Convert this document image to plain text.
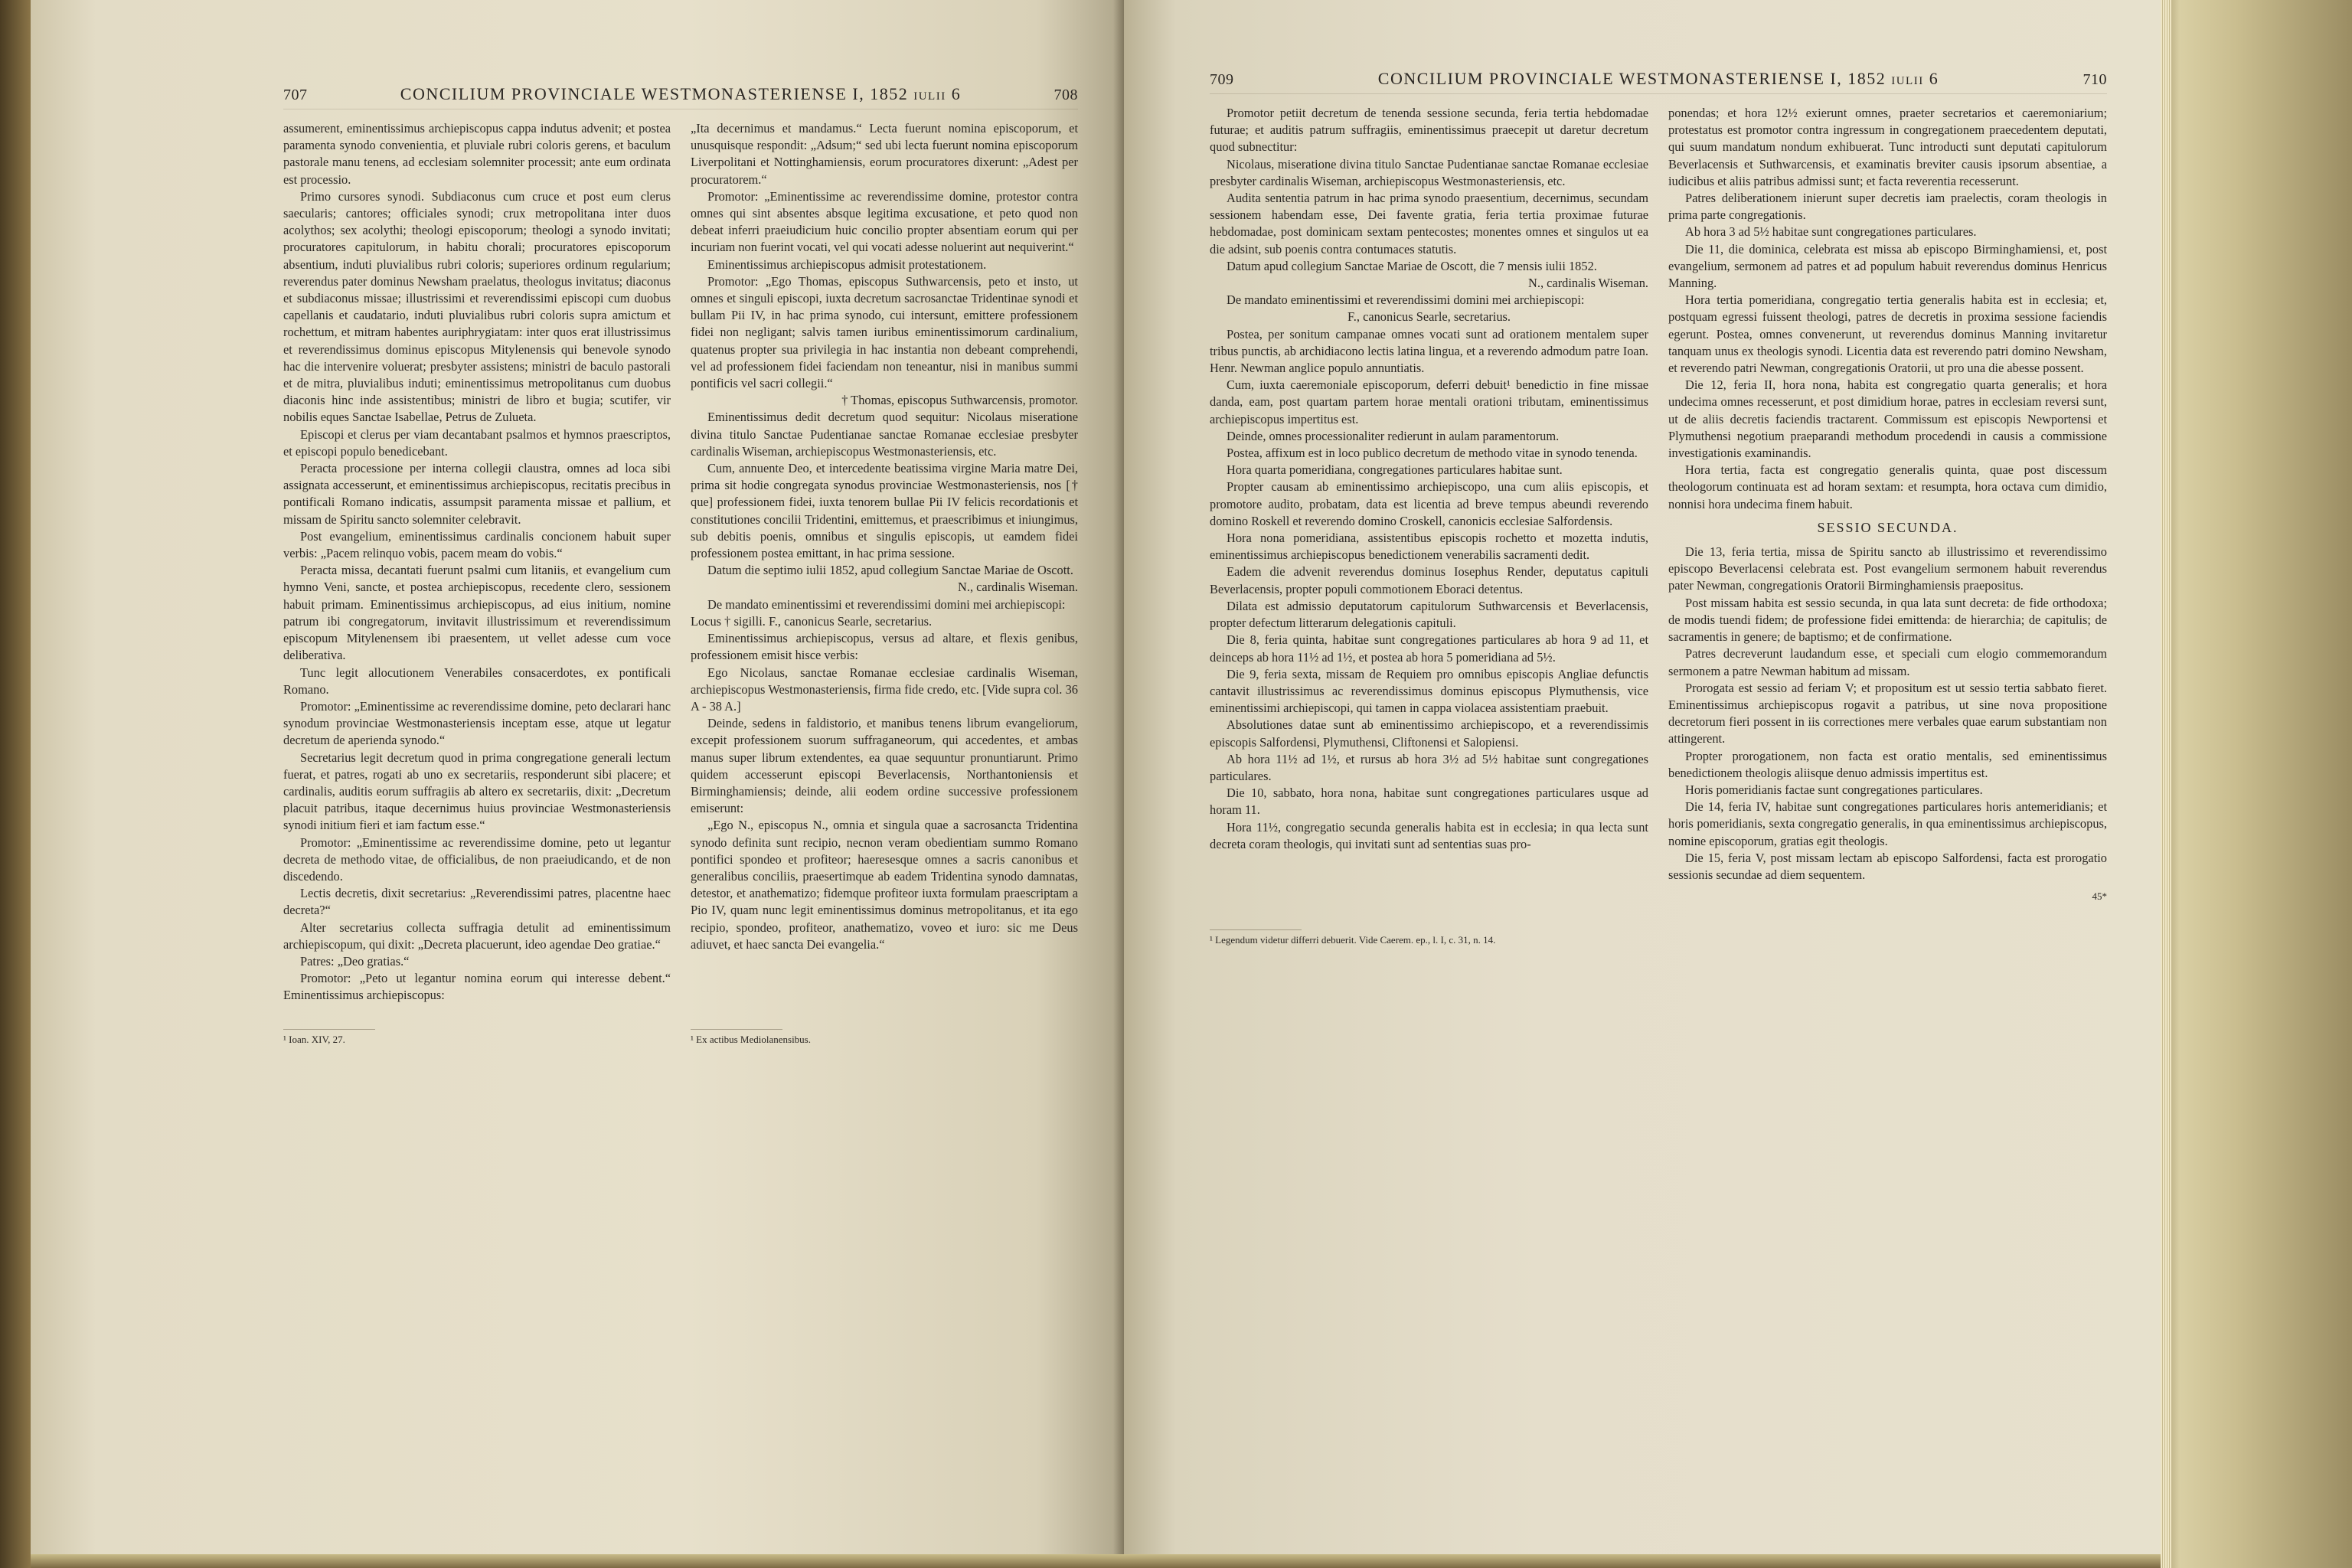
707	CONCILIUM PROVINCIALE WESTMONASTERIENSE I, 1852 iulii 6	708

assumerent, eminentissimus archiepiscopus cappa indutus advenit; et postea paramenta synodo convenientia, et pluviale rubri coloris gerens, et baculum pastorale manu tenens, ad ecclesiam solemniter processit; ante eum ordinata est processio.

Primo cursores synodi. Subdiaconus cum cruce et post eum clerus saecularis; cantores; officiales synodi; crux metropolitana inter duos acolythos; sex acolythi; theologi episcoporum; theologi a synodo invitati; procuratores capitulorum, in habitu chorali; procuratores episcoporum absentium, induti pluvialibus rubri coloris; superiores ordinum regularium; reverendus pater dominus Newsham praelatus, theologus invitatus; diaconus et subdiaconus missae; illustrissimi et reverendissimi episcopi cum duobus capellanis et caudatario, induti pluvialibus rubri coloris supra amictum et rochettum, et mitram habentes auriphrygiatam: inter quos erat illustrissimus et reverendissimus dominus episcopus Mitylenensis qui benevole synodo hac die intervenire voluerat; presbyter assistens; ministri de baculo pastorali et de mitra, pluvialibus induti; eminentissimus metropolitanus cum duobus diaconis hinc inde assistentibus; ministri de libro et bugia; scutifer, vir nobilis eques Sanctae Isabellae, Petrus de Zulueta.

Episcopi et clerus per viam decantabant psalmos et hymnos praescriptos, et episcopi populo benedicebant.

Peracta processione per interna collegii claustra, omnes ad loca sibi assignata accesserunt, et eminentissimus archiepiscopus, recitatis precibus in pontificali Romano indicatis, assumpsit paramenta missae et pallium, et missam de Spiritu sancto solemniter celebravit.

Post evangelium, eminentissimus cardinalis concionem habuit super verbis: „Pacem relinquo vobis, pacem meam do vobis.“

Peracta missa, decantati fuerunt psalmi cum litaniis, et evangelium cum hymno Veni, sancte, et postea archiepiscopus, recedente clero, sessionem habuit primam. Eminentissimus archiepiscopus, ad eius initium, nomine patrum ibi congregatorum, invitavit illustrissimum et reverendissimum episcopum Mitylenensem ibi praesentem, ut vellet adesse cum voce deliberativa.

Tunc legit allocutionem Venerabiles consacerdotes, ex pontificali Romano.

Promotor: „Eminentissime ac reverendissime domine, peto declarari hanc synodum provinciae Westmonasteriensis inceptam esse, atque ut legatur decretum de aperienda synodo.“

Secretarius legit decretum quod in prima congregatione generali lectum fuerat, et patres, rogati ab uno ex secretariis, responderunt sibi placere; et cardinalis, auditis eorum suffragiis ab altero ex secretariis, dixit: „Decretum placuit patribus, itaque decernimus huius provinciae Westmonasteriensis synodi initium fieri et iam factum esse.“

Promotor: „Eminentissime ac reverendissime domine, peto ut legantur decreta de methodo vitae, de officialibus, de non praeiudicando, et de non discedendo.

Lectis decretis, dixit secretarius: „Reverendissimi patres, placentne haec decreta?“

Alter secretarius collecta suffragia detulit ad eminentissimum archiepiscopum, qui dixit: „Decreta placuerunt, ideo agendae Deo gratiae.“

Patres: „Deo gratias.“

Promotor: „Peto ut legantur nomina eorum qui interesse debent.“ Eminentissimus archiepiscopus:

„Ita decernimus et mandamus.“ Lecta fuerunt nomina episcoporum, et unusquisque respondit: „Adsum;“ sed ubi lecta fuerunt nomina episcoporum Liverpolitani et Nottinghamiensis, eorum procuratores dixerunt: „Adest per procuratorem.“

Promotor: „Eminentissime ac reverendissime domine, protestor contra omnes qui sint absentes absque legitima excusatione, et peto quod non debeat inferri praeiudicium huic concilio propter absentiam eorum qui per incuriam non fuerint vocati, vel qui vocati adesse noluerint aut nequiverint.“

Eminentissimus archiepiscopus admisit protestationem.

Promotor: „Ego Thomas, episcopus Suthwarcensis, peto et insto, ut omnes et singuli episcopi, iuxta decretum sacrosanctae Tridentinae synodi et bullam Pii IV, in hac prima synodo, cui intersunt, emittere professionem fidei non negligant; salvis tamen iuribus eminentissimorum cardinalium, quatenus propter sua privilegia in hac instantia non debeant comprehendi, vel ad professionem fidei faciendam non teneantur, nisi in manibus summi pontificis vel sacri collegii.“

† Thomas, episcopus Suthwarcensis, promotor.

Eminentissimus dedit decretum quod sequitur: Nicolaus miseratione divina titulo Sanctae Pudentianae sanctae Romanae ecclesiae presbyter cardinalis Wiseman, archiepiscopus Westmonasteriensis, etc.

Cum, annuente Deo, et intercedente beatissima virgine Maria matre Dei, prima sit hodie congregata synodus provinciae Westmonasteriensis, nos [† que] professionem fidei, iuxta tenorem bullae Pii IV felicis recordationis et constitutiones concilii Tridentini, emittemus, et praescribimus et iniungimus, sub debitis poenis, omnibus et singulis episcopis, ut eamdem fidei professionem postea emittant, in hac prima sessione.

Datum die septimo iulii 1852, apud collegium Sanctae Mariae de Oscott.

N., cardinalis Wiseman.

De mandato eminentissimi et reverendissimi domini mei archiepiscopi:

Locus † sigilli. F., canonicus Searle, secretarius.

Eminentissimus archiepiscopus, versus ad altare, et flexis genibus, professionem emisit hisce verbis:

Ego Nicolaus, sanctae Romanae ecclesiae cardinalis Wiseman, archiepiscopus Westmonasteriensis, firma fide credo, etc. [Vide supra col. 36 A - 38 A.]

Deinde, sedens in faldistorio, et manibus tenens librum evangeliorum, excepit professionem suorum suffraganeorum, qui accedentes, et ambas manus super librum extendentes, ea quae sequuntur pronuntiarunt. Primo quidem accesserunt episcopi Beverlacensis, Northantoniensis et Birminghamiensis; deinde, alii eodem ordine successive professionem emiserunt:

„Ego N., episcopus N., omnia et singula quae a sacrosancta Tridentina synodo definita sunt recipio, necnon veram obedientiam summo Romano pontifici spondeo et profiteor; haeresesque omnes a sacris canonibus et generalibus conciliis, praesertimque ab eadem Tridentina synodo damnatas, detestor, et anathematizo; fidemque profiteor iuxta formulam praescriptam a Pio IV, quam nunc legit eminentissimus dominus metropolitanus, et ita ego recipio, spondeo, profiteor, anathematizo, voveo et iuro: sic me Deus adiuvet, et haec sancta Dei evangelia.“

¹ Ioan. XIV, 27.	¹ Ex actibus Mediolanensibus.
709	CONCILIUM PROVINCIALE WESTMONASTERIENSE I, 1852 iulii 6	710

Promotor petiit decretum de tenenda sessione secunda, feria tertia hebdomadae futurae; et auditis patrum suffragiis, eminentissimus praecepit ut daretur decretum quod subnectitur:

Nicolaus, miseratione divina titulo Sanctae Pudentianae sanctae Romanae ecclesiae presbyter cardinalis Wiseman, archiepiscopus Westmonasteriensis, etc.

Audita sententia patrum in hac prima synodo praesentium, decernimus, secundam sessionem habendam esse, Dei favente gratia, feria tertia proximae futurae hebdomadae, post dominicam sextam pentecostes; monentes omnes et singulos ut ea die adsint, sub poenis contra contumaces statutis.

Datum apud collegium Sanctae Mariae de Oscott, die 7 mensis iulii 1852.

N., cardinalis Wiseman.

De mandato eminentissimi et reverendissimi domini mei archiepiscopi:

F., canonicus Searle, secretarius.

Postea, per sonitum campanae omnes vocati sunt ad orationem mentalem super tribus punctis, ab archidiacono lectis latina lingua, et a reverendo admodum patre Ioan. Henr. Newman anglice populo annuntiatis.

Cum, iuxta caeremoniale episcoporum, deferri debuit¹ benedictio in fine missae danda, eam, post quartam partem horae mentali orationi tributam, eminentissimus archiepiscopus impertitus est.

Deinde, omnes processionaliter redierunt in aulam paramentorum.

Postea, affixum est in loco publico decretum de methodo vitae in synodo tenenda.

Hora quarta pomeridiana, congregationes particulares habitae sunt.

Propter causam ab eminentissimo archiepiscopo, una cum aliis episcopis, et promotore audito, probatam, data est licentia ad breve tempus abeundi reverendo domino Roskell et reverendo domino Croskell, canonicis ecclesiae Salfordensis.

Hora nona pomeridiana, assistentibus episcopis rochetto et mozetta indutis, eminentissimus archiepiscopus benedictionem venerabilis sacramenti dedit.

Eadem die advenit reverendus dominus Iosephus Render, deputatus capituli Beverlacensis, propter populi commotionem Eboraci detentus.

Dilata est admissio deputatorum capitulorum Suthwarcensis et Beverlacensis, propter defectum litterarum delegationis capituli.

Die 8, feria quinta, habitae sunt congregationes particulares ab hora 9 ad 11, et deinceps ab hora 11½ ad 1½, et postea ab hora 5 pomeridiana ad 5½.

Die 9, feria sexta, missam de Requiem pro omnibus episcopis Angliae defunctis cantavit illustrissimus ac reverendissimus dominus episcopus Plymuthensis, vice eminentissimi archiepiscopi, qui tamen in cappa violacea assistentiam praebuit.

Absolutiones datae sunt ab eminentissimo archiepiscopo, et a reverendissimis episcopis Salfordensi, Plymuthensi, Cliftonensi et Salopiensi.

Ab hora 11½ ad 1½, et rursus ab hora 3½ ad 5½ habitae sunt congregationes particulares.

Die 10, sabbato, hora nona, habitae sunt congregationes particulares usque ad horam 11.

Hora 11½, congregatio secunda generalis habita est in ecclesia; in qua lecta sunt decreta coram theologis, qui invitati sunt ad sententias suas pro-

ponendas; et hora 12½ exierunt omnes, praeter secretarios et caeremoniarium; protestatus est promotor contra ingressum in congregationem praecedentem deputati, qui suum mandatum nondum exhibuerat. Tunc introducti sunt deputati capitulorum Beverlacensis et Suthwarcensis, et examinatis breviter causis ipsorum absentiae, a iudicibus et aliis patribus admissi sunt; et facta reverentia recesserunt.

Patres deliberationem inierunt super decretis iam praelectis, coram theologis in prima parte congregationis.

Ab hora 3 ad 5½ habitae sunt congregationes particulares.

Die 11, die dominica, celebrata est missa ab episcopo Birminghamiensi, et, post evangelium, sermonem ad patres et ad populum habuit reverendus dominus Henricus Manning.

Hora tertia pomeridiana, congregatio tertia generalis habita est in ecclesia; et, postquam egressi fuissent theologi, patres de decretis in proxima sessione faciendis egerunt. Postea, omnes convenerunt, ut reverendus dominus Manning invitaretur tanquam unus ex theologis synodi. Licentia data est reverendo patri domino Newsham, et reverendo patri Newman, congregationis Oratorii, ut pro una die abesse possent.

Die 12, feria II, hora nona, habita est congregatio quarta generalis; et hora undecima omnes recesserunt, et post dimidium horae, patres in ecclesiam reversi sunt, ut de aliis decretis faciendis tractarent. Commissum est episcopis Newportensi et Plymuthensi negotium praeparandi methodum procedendi in causis a commissione investigationis examinandis.

Hora tertia, facta est congregatio generalis quinta, quae post discessum theologorum continuata est ad horam sextam: et resumpta, hora octava cum dimidio, nonnisi hora undecima finem habuit.

SESSIO SECUNDA.

Die 13, feria tertia, missa de Spiritu sancto ab illustrissimo et reverendissimo episcopo Beverlacensi celebrata est. Post evangelium sermonem habuit reverendus pater Newman, congregationis Oratorii Birminghamiensis praepositus.

Post missam habita est sessio secunda, in qua lata sunt decreta: de fide orthodoxa; de modis tuendi fidem; de professione fidei emittenda: de hierarchia; de capitulis; de sacramentis in genere; de baptismo; et de confirmatione.

Patres decreverunt laudandum esse, et speciali cum elogio commemorandum sermonem a patre Newman habitum ad missam.

Prorogata est sessio ad feriam V; et propositum est ut sessio tertia sabbato fieret. Eminentissimus archiepiscopus rogavit a patribus, ut sine nova propositione decretorum fieri possent in iis correctiones mere verbales quae earum substantiam non attingerent.

Propter prorogationem, non facta est oratio mentalis, sed eminentissimus benedictionem theologis aliisque denuo admissis impertitus est.

Horis pomeridianis factae sunt congregationes particulares.

Die 14, feria IV, habitae sunt congregationes particulares horis antemeridianis; et horis pomeridianis, sexta congregatio generalis, in qua eminentissimus archiepiscopus, nomine episcoporum, gratias egit theologis.

Die 15, feria V, post missam lectam ab episcopo Salfordensi, facta est prorogatio sessionis secundae ad diem sequentem.

45*
¹ Legendum videtur differri debuerit. Vide Caerem. ep., l. I, c. 31, n. 14.
